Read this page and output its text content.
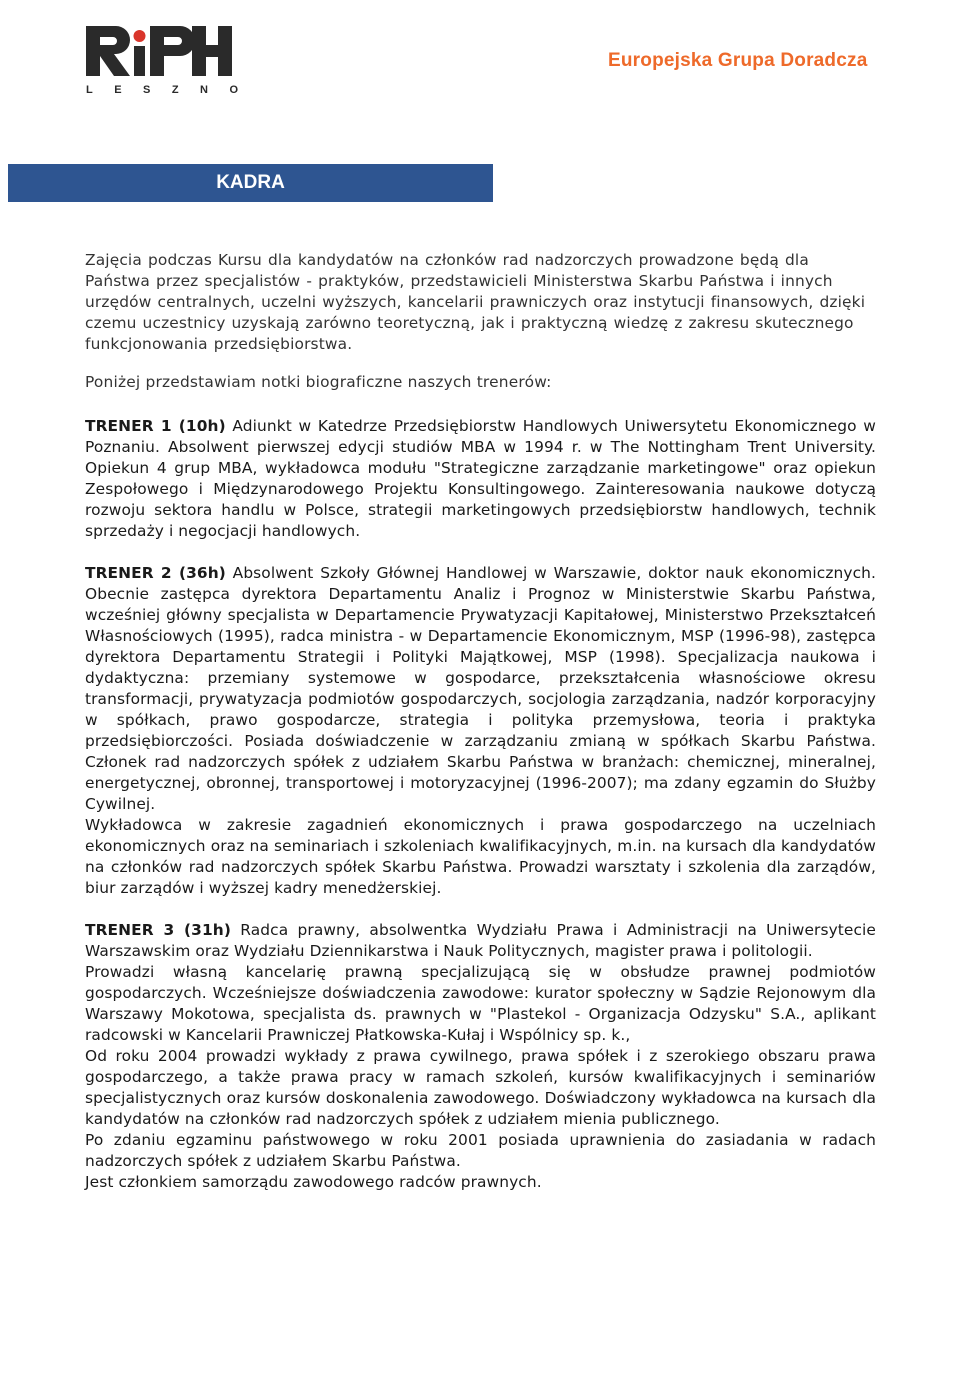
LESZNO
Europejska Grupa Doradcza
KADRA

Zajęcia podczas Kursu dla kandydatów na członków rad nadzorczych prowadzone będą dla Państwa przez specjalistów - praktyków, przedstawicieli Ministerstwa Skarbu Państwa i innych urzędów centralnych, uczelni wyższych, kancelarii prawniczych oraz instytucji finansowych, dzięki czemu uczestnicy uzyskają zarówno teoretyczną, jak i praktyczną wiedzę z zakresu skutecznego funkcjonowania przedsiębiorstwa.

Poniżej przedstawiam notki biograficzne naszych trenerów:

TRENER 1 (10h) Adiunkt w Katedrze Przedsiębiorstw Handlowych Uniwersytetu Ekonomicznego w Poznaniu. Absolwent pierwszej edycji studiów MBA w 1994 r. w The Nottingham Trent University. Opiekun 4 grup MBA, wykładowca modułu "Strategiczne zarządzanie marketingowe" oraz opiekun Zespołowego i Międzynarodowego Projektu Konsultingowego. Zainteresowania naukowe dotyczą rozwoju sektora handlu w Polsce, strategii marketingowych przedsiębiorstw handlowych, technik sprzedaży i negocjacji handlowych.

TRENER 2 (36h) Absolwent Szkoły Głównej Handlowej w Warszawie, doktor nauk ekonomicznych. Obecnie zastępca dyrektora Departamentu Analiz i Prognoz w Ministerstwie Skarbu Państwa, wcześniej główny specjalista w Departamencie Prywatyzacji Kapitałowej, Ministerstwo Przekształceń Własnościowych (1995), radca ministra - w Departamencie Ekonomicznym, MSP (1996-98), zastępca dyrektora Departamentu Strategii i Polityki Majątkowej, MSP (1998). Specjalizacja naukowa i dydaktyczna: przemiany systemowe w gospodarce, przekształcenia własnościowe okresu transformacji, prywatyzacja podmiotów gospodarczych, socjologia zarządzania, nadzór korporacyjny w spółkach, prawo gospodarcze, strategia i polityka przemysłowa, teoria i praktyka przedsiębiorczości. Posiada doświadczenie w zarządzaniu zmianą w spółkach Skarbu Państwa. Członek rad nadzorczych spółek z udziałem Skarbu Państwa w branżach: chemicznej, mineralnej, energetycznej, obronnej, transportowej i motoryzacyjnej (1996-2007); ma zdany egzamin do Służby Cywilnej.

Wykładowca w zakresie zagadnień ekonomicznych i prawa gospodarczego na uczelniach ekonomicznych oraz na seminariach i szkoleniach kwalifikacyjnych, m.in. na kursach dla kandydatów na członków rad nadzorczych spółek Skarbu Państwa. Prowadzi warsztaty i szkolenia dla zarządów, biur zarządów i wyższej kadry menedżerskiej.

TRENER 3 (31h) Radca prawny, absolwentka Wydziału Prawa i Administracji na Uniwersytecie Warszawskim oraz Wydziału Dziennikarstwa i Nauk Politycznych, magister prawa i politologii.

Prowadzi własną kancelarię prawną specjalizującą się w obsłudze prawnej podmiotów gospodarczych. Wcześniejsze doświadczenia zawodowe: kurator społeczny w Sądzie Rejonowym dla Warszawy Mokotowa, specjalista ds. prawnych w "Plastekol - Organizacja Odzysku" S.A., aplikant radcowski w Kancelarii Prawniczej Płatkowska-Kułaj i Wspólnicy sp. k.,

Od roku 2004 prowadzi wykłady z prawa cywilnego, prawa spółek i z szerokiego obszaru prawa gospodarczego, a także prawa pracy w ramach szkoleń, kursów kwalifikacyjnych i seminariów specjalistycznych oraz kursów doskonalenia zawodowego. Doświadczony wykładowca na kursach dla kandydatów na członków rad nadzorczych spółek z udziałem mienia publicznego.

Po zdaniu egzaminu państwowego w roku 2001 posiada uprawnienia do zasiadania w radach nadzorczych spółek z udziałem Skarbu Państwa.

Jest członkiem samorządu zawodowego radców prawnych.
